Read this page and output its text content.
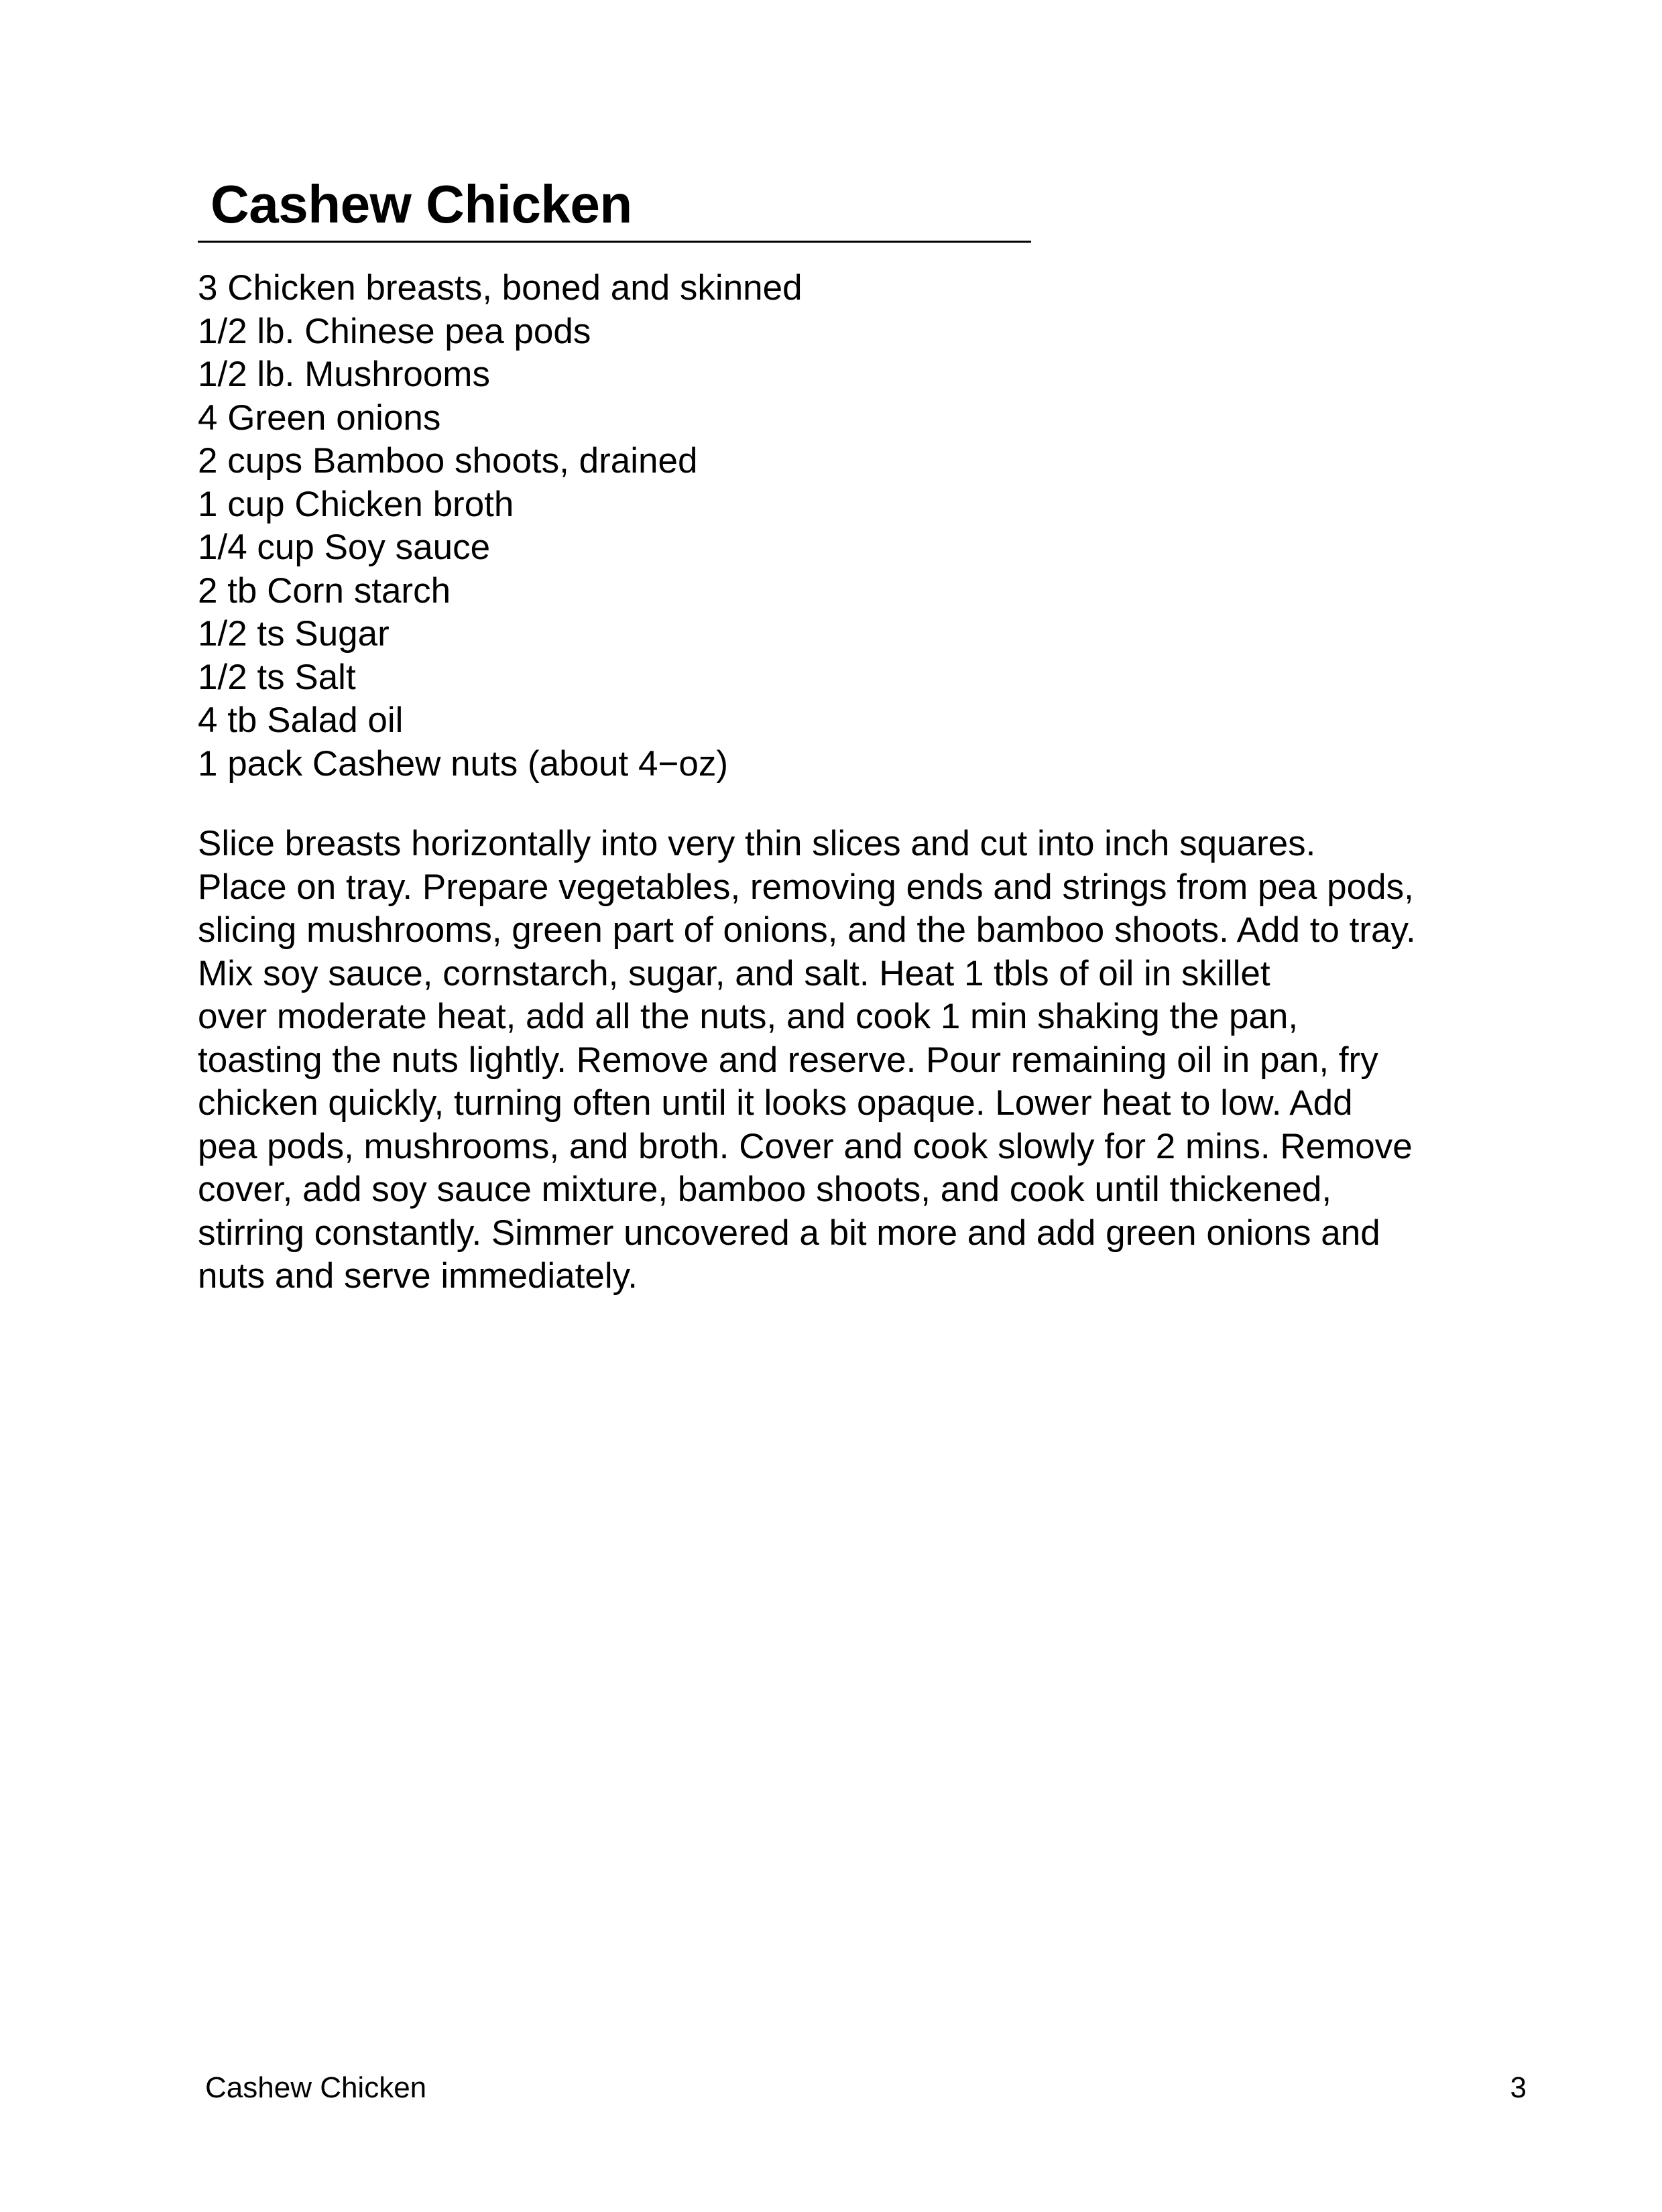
Cashew Chicken
3 Chicken breasts, boned and skinned
1/2 lb. Chinese pea pods
1/2 lb. Mushrooms
4 Green onions
2 cups Bamboo shoots, drained
1 cup Chicken broth
1/4 cup Soy sauce
2 tb Corn starch
1/2 ts Sugar
1/2 ts Salt
4 tb Salad oil
1 pack Cashew nuts (about 4−oz)
Slice breasts horizontally into very thin slices and cut into inch squares.
Place on tray. Prepare vegetables, removing ends and strings from pea pods,
slicing mushrooms, green part of onions, and the bamboo shoots. Add to tray.
Mix soy sauce, cornstarch, sugar, and salt. Heat 1 tbls of oil in skillet
over moderate heat, add all the nuts, and cook 1 min shaking the pan,
toasting the nuts lightly. Remove and reserve. Pour remaining oil in pan, fry
chicken quickly, turning often until it looks opaque. Lower heat to low. Add
pea pods, mushrooms, and broth. Cover and cook slowly for 2 mins. Remove
cover, add soy sauce mixture, bamboo shoots, and cook until thickened,
stirring constantly. Simmer uncovered a bit more and add green onions and
nuts and serve immediately.
Cashew Chicken	3
